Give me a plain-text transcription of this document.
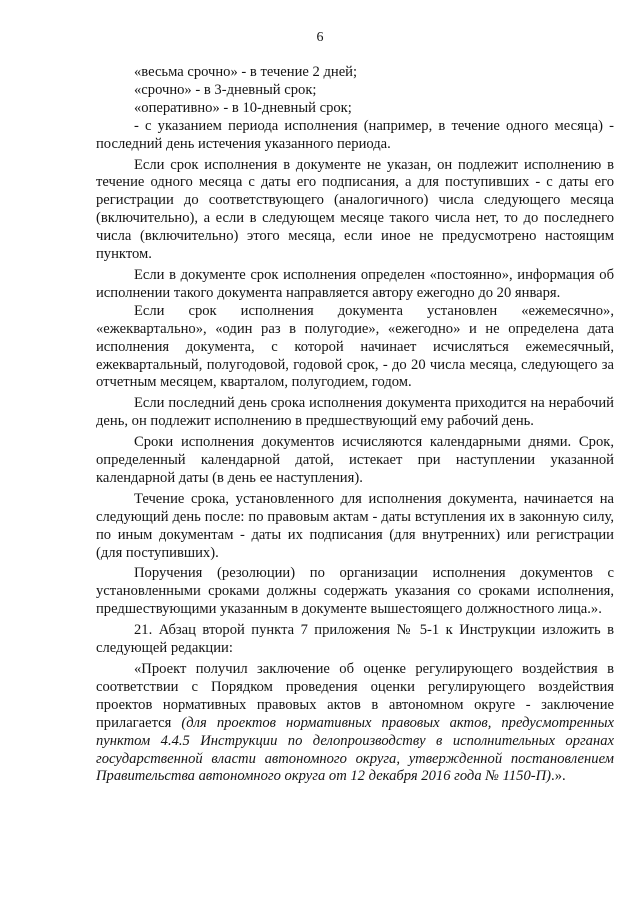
6

«весьма срочно» - в течение 2 дней;

«срочно» - в 3-дневный срок;

«оперативно» - в 10-дневный срок;

- с указанием периода исполнения (например, в течение одного месяца) - последний день истечения указанного периода.

Если срок исполнения в документе не указан, он подлежит исполнению в течение одного месяца с даты его подписания, а для поступивших - с даты его регистрации до соответствующего (аналогичного) числа следующего месяца (включительно), а если в следующем месяце такого числа нет, то до последнего числа (включительно) этого месяца, если иное не предусмотрено настоящим пунктом.

Если в документе срок исполнения определен «постоянно», информация об исполнении такого документа направляется автору ежегодно до 20 января.

Если срок исполнения документа установлен «ежемесячно», «ежеквартально», «один раз в полугодие», «ежегодно» и не определена дата исполнения документа, с которой начинает исчисляться ежемесячный, ежеквартальный, полугодовой, годовой срок, - до 20 числа месяца, следующего за отчетным месяцем, кварталом, полугодием, годом.

Если последний день срока исполнения документа приходится на нерабочий день, он подлежит исполнению в предшествующий ему рабочий день.

Сроки исполнения документов исчисляются календарными днями. Срок, определенный календарной датой, истекает при наступлении указанной календарной даты (в день ее наступления).

Течение срока, установленного для исполнения документа, начинается на следующий день после: по правовым актам - даты вступления их в законную силу, по иным документам - даты их подписания (для внутренних) или регистрации (для поступивших).

Поручения (резолюции) по организации исполнения документов с установленными сроками должны содержать указания со сроками исполнения, предшествующими указанным в документе вышестоящего должностного лица.».

21. Абзац второй пункта 7 приложения № 5-1 к Инструкции изложить в следующей редакции:

«Проект получил заключение об оценке регулирующего воздействия в соответствии с Порядком проведения оценки регулирующего воздействия проектов нормативных правовых актов в автономном округе - заключение прилагается (для проектов нормативных правовых актов, предусмотренных пунктом 4.4.5 Инструкции по делопроизводству в исполнительных органах государственной власти автономного округа, утвержденной постановлением Правительства автономного округа от 12 декабря 2016 года № 1150-П).».
